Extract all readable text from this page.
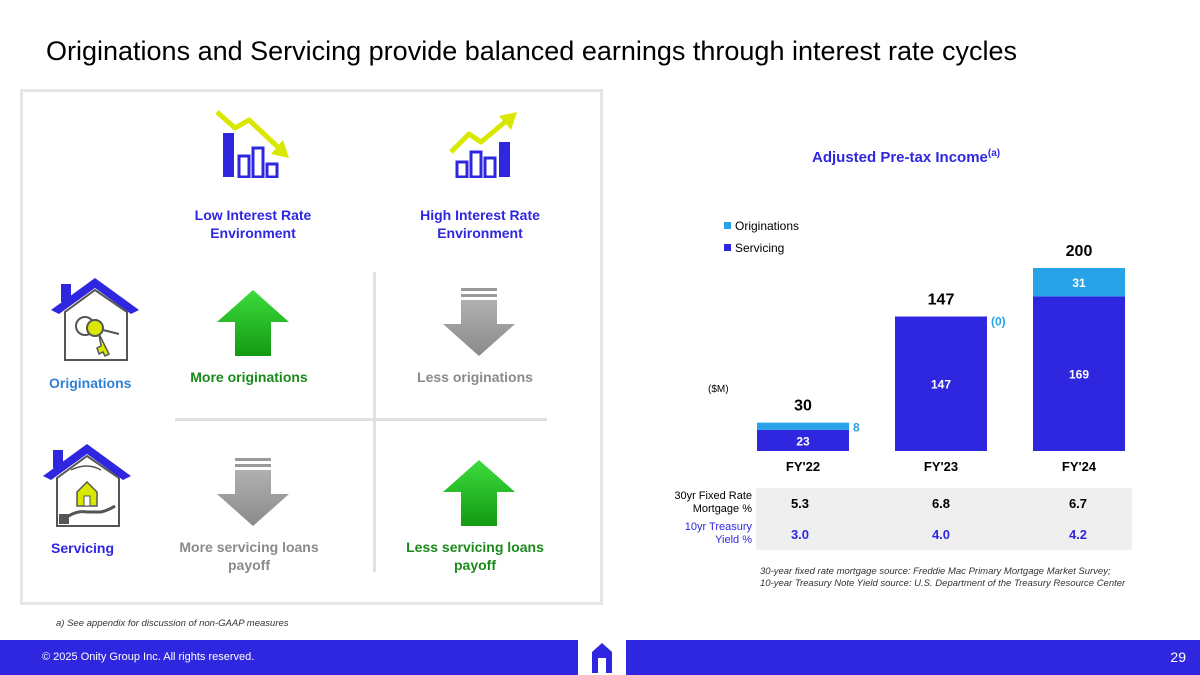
Originations and Servicing provide balanced earnings through interest rate cycles
Low Interest Rate Environment
High Interest Rate Environment
Originations
Servicing
More originations	Less originations
More servicing loans payoff
Less servicing loans payoff
Adjusted Pre-tax Income$^{(a)}$
Originations
Servicing
($M)
23
8
30
FY'22
147
(0)
147
FY'23
169
31
200
FY'24
30yr Fixed Rate Mortgage %	5.3	6.8	6.7
10yr Treasury Yield %	3.0	4.0	4.2
30-year fixed rate mortgage source: Freddie Mac Primary Mortgage Market Survey;
10-year Treasury Note Yield source: U.S. Department of the Treasury Resource Center
a) See appendix for discussion of non-GAAP measures
© 2025 Onity Group Inc. All rights reserved.	29
